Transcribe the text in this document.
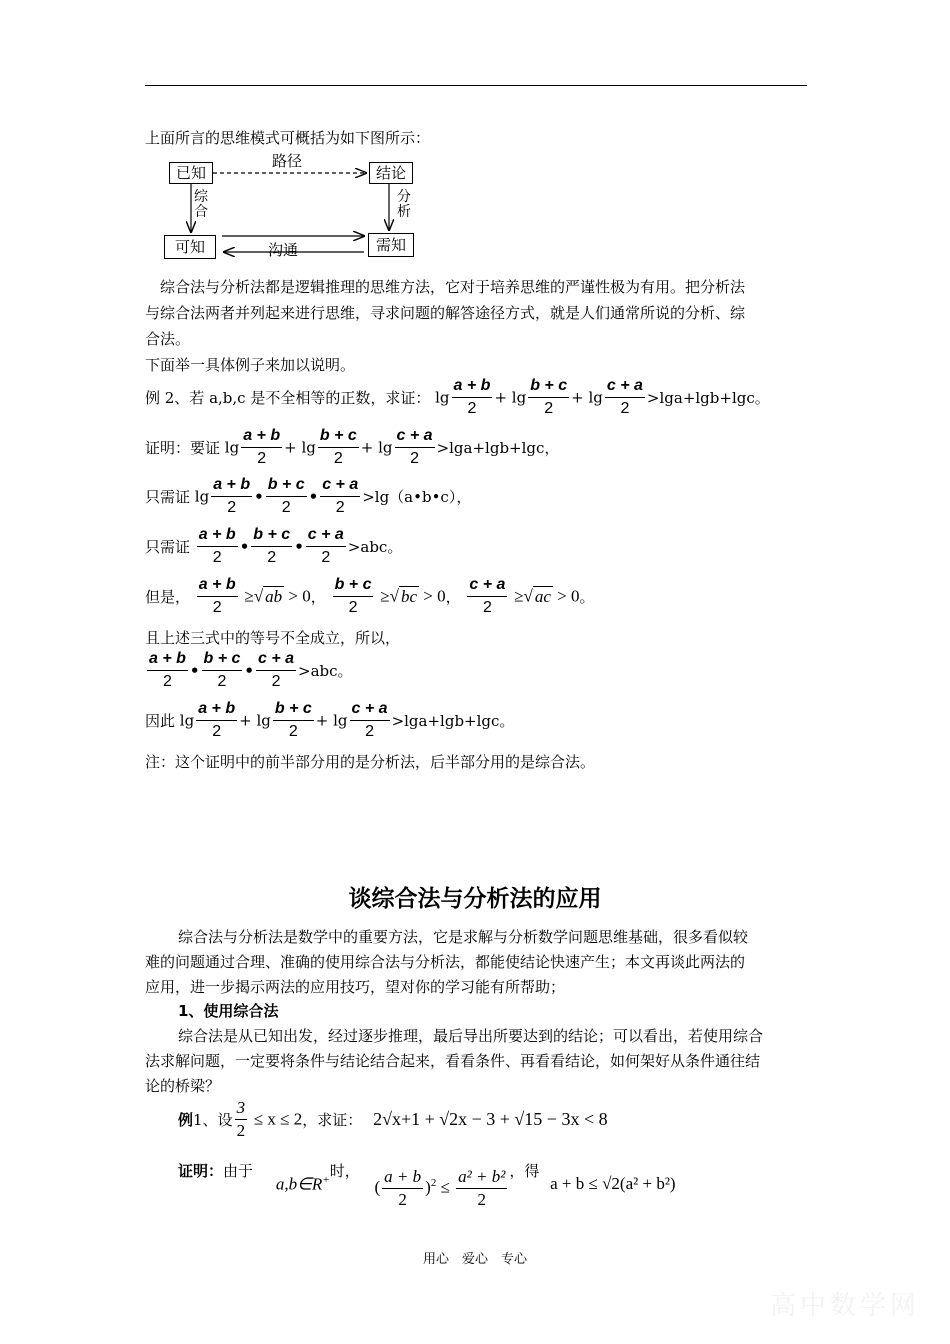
上面所言的思维模式可概括为如下图所示：
已知	结论
可知	需知
路径
沟通
综合
分析
综合法与分析法都是逻辑推理的思维方法，它对于培养思维的严谨性极为有用。把分析法
与综合法两者并列起来进行思维，寻求问题的解答途径方式，就是人们通常所说的分析、综
合法。
下面举一具体例子来加以说明。
例 2、若 a,b,c 是不全相等的正数，求证： $\lg \frac{a + b}{2} + \lg \frac{b + c}{2} + \lg \frac{c + a}{2} >\lg a+\lg b+\lg c$。
证明：要证 $\lg \frac{a + b}{2} + \lg \frac{b + c}{2} + \lg \frac{c + a}{2} >\lg a+\lg b+\lg c$，
只需证 $\lg \frac{a + b}{2}$ • $\frac{b + c}{2}$ • $\frac{c + a}{2}$ >lg（a•b•c），
只需证 $\frac{a + b}{2}$ • $\frac{b + c}{2}$ • $\frac{c + a}{2} >abc$。
但是， $\frac{a + b}{2}$ ≥√ ab > 0， $\frac{b + c}{2}$ ≥√ bc > 0， $\frac{c + a}{2}$ ≥√ ac > 0。
且上述三式中的等号不全成立，所以，
$\frac{a + b}{2}$ • $\frac{b + c}{2}$ • $\frac{c + a}{2} >abc$。
因此 $\lg \frac{a + b}{2} + \lg \frac{b + c}{2} + \lg \frac{c + a}{2} >\lg a+\lg b+\lg c$。
注：这个证明中的前半部分用的是分析法，后半部分用的是综合法。
谈综合法与分析法的应用
综合法与分析法是数学中的重要方法，它是求解与分析数学问题思维基础，很多看似较
难的问题通过合理、准确的使用综合法与分析法，都能使结论快速产生；本文再谈此两法的
应用，进一步揭示两法的应用技巧，望对你的学习能有所帮助；
1、使用综合法
综合法是从已知出发，经过逐步推理，最后导出所要达到的结论；可以看出，若使用综合
法求解问题，一定要将条件与结论结合起来，看看条件、再看看结论，如何架好从条件通往结
论的桥梁？
例1、设 $\frac{3}{2} \le x \le 2$，求证： 2√x+1 + √2x − 3 + √15 − 3x < 8
证明：由于 a,b∈R+时， ( $\frac{a + b}{2} )^2 \le \frac{\text{a² + b²}}{2}$ ，得 a + b ≤ √2(a² + b²)
用心　爱心　专心
高中数学网
